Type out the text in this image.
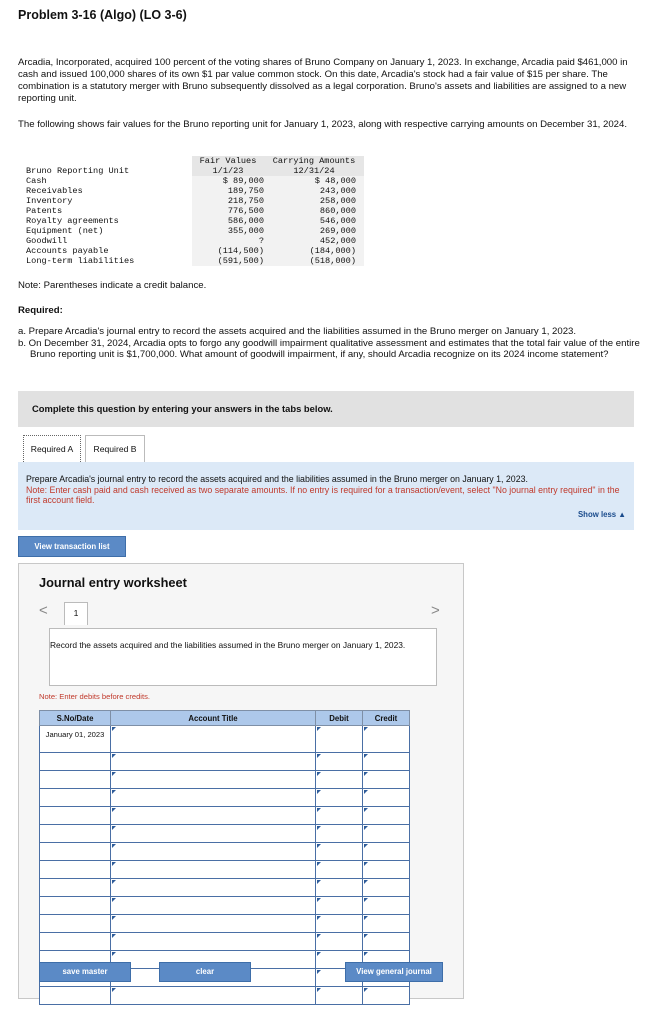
Problem 3-16 (Algo) (LO 3-6)

Arcadia, Incorporated, acquired 100 percent of the voting shares of Bruno Company on January 1, 2023. In exchange, Arcadia paid $461,000 in cash and issued 100,000 shares of its own $1 par value common stock. On this date, Arcadia's stock had a fair value of $15 per share. The combination is a statutory merger with Bruno subsequently dissolved as a legal corporation. Bruno's assets and liabilities are assigned to a new reporting unit.

The following shows fair values for the Bruno reporting unit for January 1, 2023, along with respective carrying amounts on December 31, 2024.

Bruno Reporting Unit	Fair Values	Carrying Amounts
	1/1/23	12/31/24
Cash	$ 89,000	$ 48,000
Receivables	189,750	243,000
Inventory	218,750	258,000
Patents	776,500	860,000
Royalty agreements	586,000	546,000
Equipment (net)	355,000	269,000
Goodwill	?	452,000
Accounts payable	(114,500)	(184,000)
Long-term liabilities	(591,500)	(518,000)

Note: Parentheses indicate a credit balance.

Required:
a. Prepare Arcadia's journal entry to record the assets acquired and the liabilities assumed in the Bruno merger on January 1, 2023.
b. On December 31, 2024, Arcadia opts to forgo any goodwill impairment qualitative assessment and estimates that the total fair value of the entire Bruno reporting unit is $1,700,000. What amount of goodwill impairment, if any, should Arcadia recognize on its 2024 income statement?
Complete this question by entering your answers in the tabs below.
Required A	Required B

Prepare Arcadia's journal entry to record the assets acquired and the liabilities assumed in the Bruno merger on January 1, 2023.
Note: Enter cash paid and cash received as two separate amounts. If no entry is required for a transaction/event, select "No journal entry required" in the first account field.

Show less ▲
View transaction list
Journal entry worksheet
<	>
1

Record the assets acquired and the liabilities assumed in the Bruno merger on January 1, 2023.

Note: Enter debits before credits.
S.No/Date	Account Title	Debit	Credit
January 01, 2023			

save master	clear	View general journal
